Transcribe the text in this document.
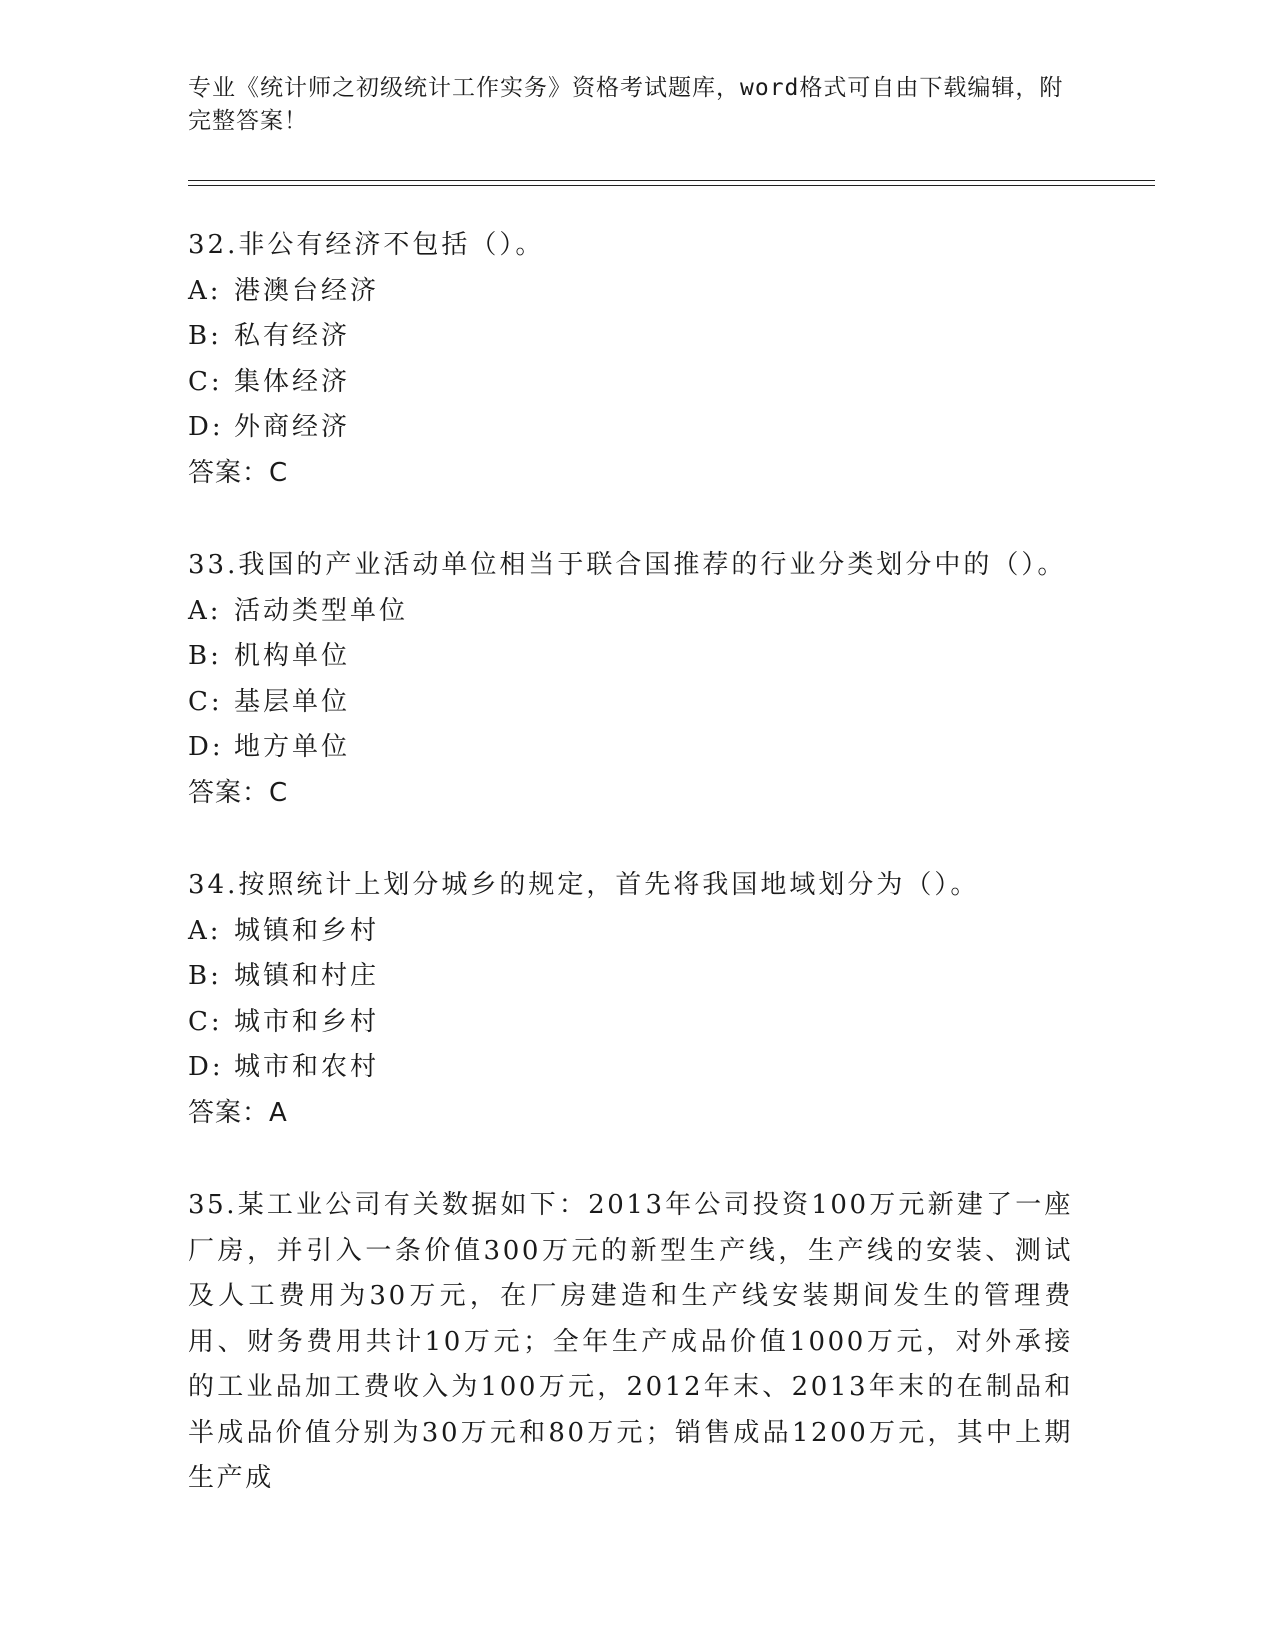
专业《统计师之初级统计工作实务》资格考试题库，word格式可自由下载编辑，附完整答案！
32.非公有经济不包括（）。
A: 港澳台经济
B: 私有经济
C: 集体经济
D: 外商经济
答案：C
33.我国的产业活动单位相当于联合国推荐的行业分类划分中的（）。
A: 活动类型单位
B: 机构单位
C: 基层单位
D: 地方单位
答案：C
34.按照统计上划分城乡的规定，首先将我国地域划分为（）。
A: 城镇和乡村
B: 城镇和村庄
C: 城市和乡村
D: 城市和农村
答案：A
35.某工业公司有关数据如下：2013年公司投资100万元新建了一座厂房，并引入一条价值300万元的新型生产线，生产线的安装、测试及人工费用为30万元，在厂房建造和生产线安装期间发生的管理费用、财务费用共计10万元；全年生产成品价值1000万元，对外承接的工业品加工费收入为100万元，2012年末、2013年末的在制品和半成品价值分别为30万元和80万元；销售成品1200万元，其中上期生产成
